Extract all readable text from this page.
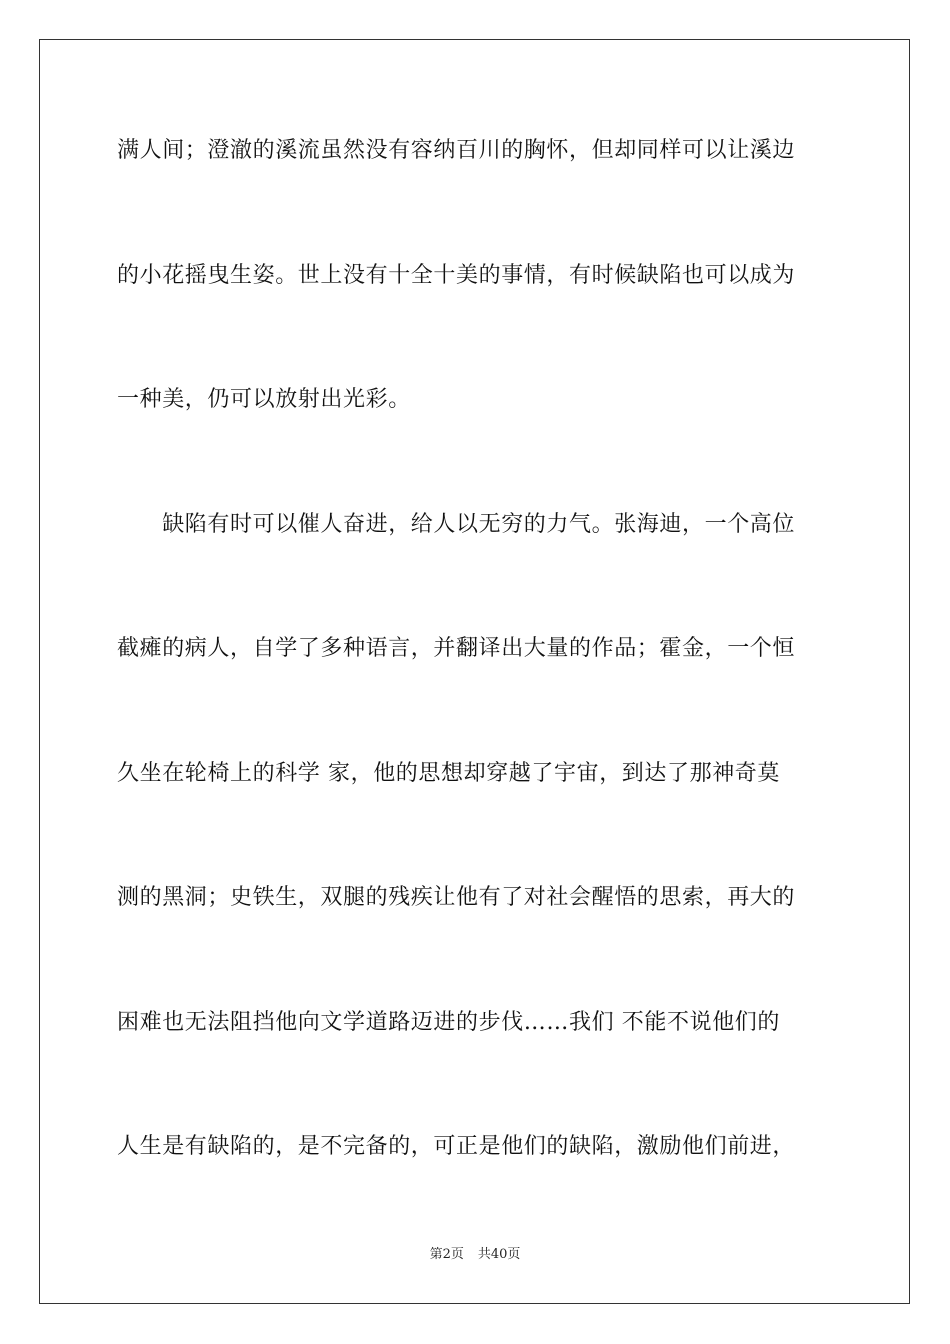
满人间；澄澈的溪流虽然没有容纳百川的胸怀，但却同样可以让溪边
的小花摇曳生姿。世上没有十全十美的事情，有时候缺陷也可以成为
一种美，仍可以放射出光彩。
　　缺陷有时可以催人奋进，给人以无穷的力气。张海迪，一个高位
截瘫的病人，自学了多种语言，并翻译出大量的作品；霍金，一个恒
久坐在轮椅上的科学 家，他的思想却穿越了宇宙，到达了那神奇莫
测的黑洞；史铁生，双腿的残疾让他有了对社会醒悟的思索，再大的
困难也无法阻挡他向文学道路迈进的步伐……我们 不能不说他们的
人生是有缺陷的，是不完备的，可正是他们的缺陷，激励他们前进，
第2页 共40页
